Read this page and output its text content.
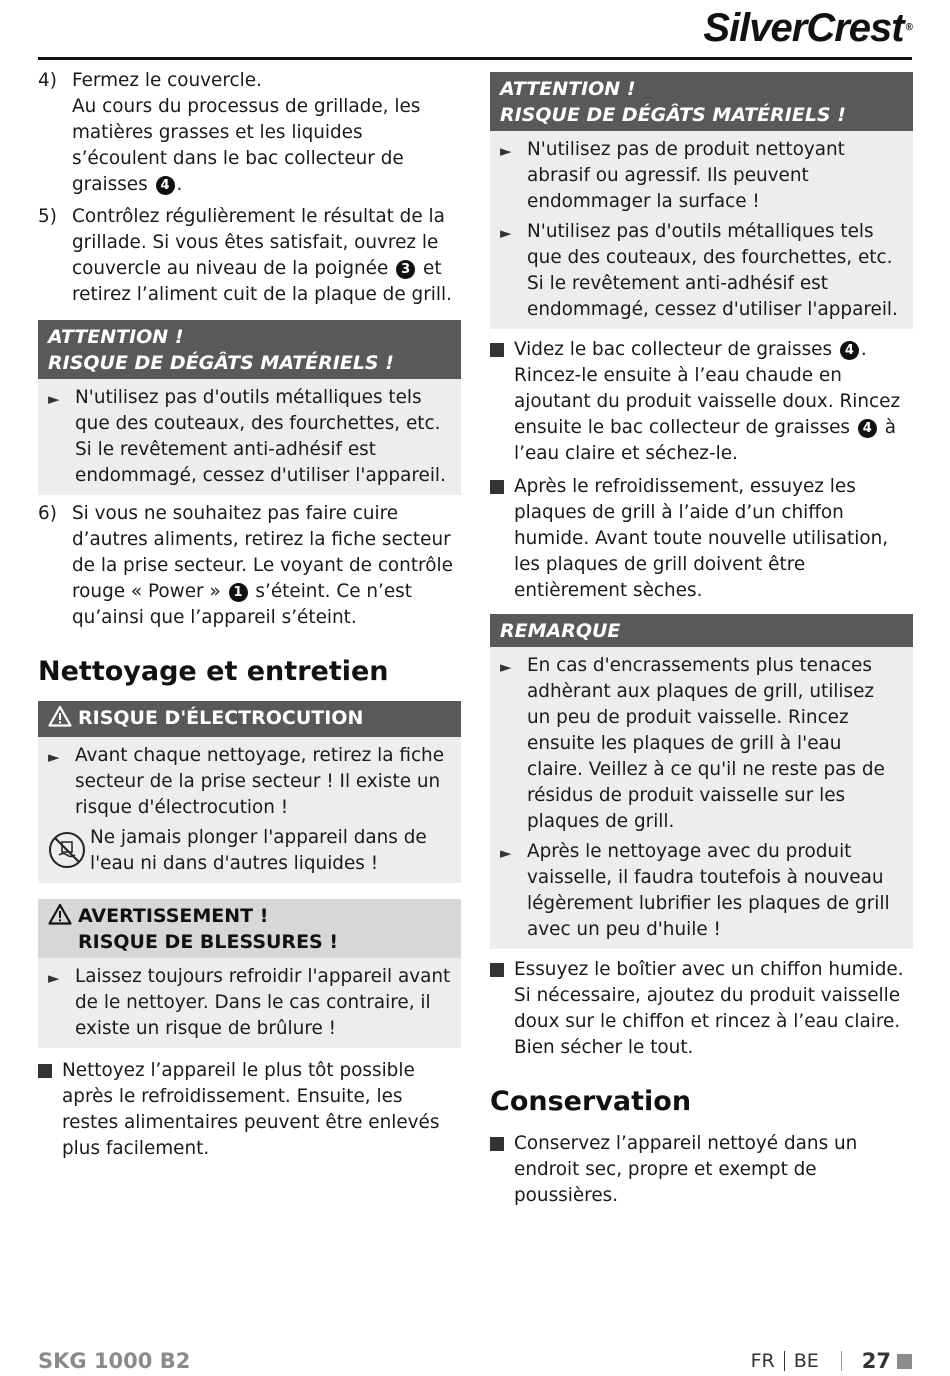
SilverCrest ®
4) Fermez le couvercle.
Au cours du processus de grillade, les matières grasses et les liquides s’écoulent dans le bac collecteur de graisses 4 .
5) Contrôlez régulièrement le résultat de la grillade. Si vous êtes satisfait, ouvrez le couvercle au niveau de la poignée 3 et retirez l’aliment cuit de la plaque de grill.
ATTENTION !
RISQUE DE DÉGÂTS MATÉRIELS !
► N'utilisez pas d'outils métalliques tels que des couteaux, des fourchettes, etc. Si le revêtement anti-adhésif est endommagé, cessez d'utiliser l'appareil.
6) Si vous ne souhaitez pas faire cuire d’autres aliments, retirez la fiche secteur de la prise secteur. Le voyant de contrôle rouge « Power » 1 s’éteint. Ce n’est qu’ainsi que l’appareil s’éteint.
Nettoyage et entretien
RISQUE D'ÉLECTROCUTION
► Avant chaque nettoyage, retirez la fiche secteur de la prise secteur ! Il existe un risque d'électrocution !
Ne jamais plonger l'appareil dans de l'eau ni dans d'autres liquides !
AVERTISSEMENT !
RISQUE DE BLESSURES !
► Laissez toujours refroidir l'appareil avant de le nettoyer. Dans le cas contraire, il existe un risque de brûlure !
Nettoyez l’appareil le plus tôt possible après le refroidissement. Ensuite, les restes alimentaires peuvent être enlevés plus facilement.
ATTENTION !
RISQUE DE DÉGÂTS MATÉRIELS !
► N'utilisez pas de produit nettoyant abrasif ou agressif. Ils peuvent endommager la surface !
► N'utilisez pas d'outils métalliques tels que des couteaux, des fourchettes, etc. Si le revêtement anti-adhésif est endommagé, cessez d'utiliser l'appareil.
Videz le bac collecteur de graisses 4 . Rincez-le ensuite à l’eau chaude en ajoutant du produit vaisselle doux. Rincez ensuite le bac collecteur de graisses 4 à l’eau claire et séchez-le.
Après le refroidissement, essuyez les plaques de grill à l’aide d’un chiffon humide. Avant toute nouvelle utilisation, les plaques de grill doivent être entièrement sèches.
REMARQUE
► En cas d'encrassements plus tenaces adhèrant aux plaques de grill, utilisez un peu de produit vaisselle. Rincez ensuite les plaques de grill à l'eau claire. Veillez à ce qu'il ne reste pas de résidus de produit vaisselle sur les plaques de grill.
► Après le nettoyage avec du produit vaisselle, il faudra toutefois à nouveau légèrement lubrifier les plaques de grill avec un peu d'huile !
Essuyez le boîtier avec un chiffon humide. Si nécessaire, ajoutez du produit vaisselle doux sur le chiffon et rincez à l’eau claire. Bien sécher le tout.
Conservation
Conservez l’appareil nettoyé dans un endroit sec, propre et exempt de poussières.
SKG 1000 B2	FR BE 27
